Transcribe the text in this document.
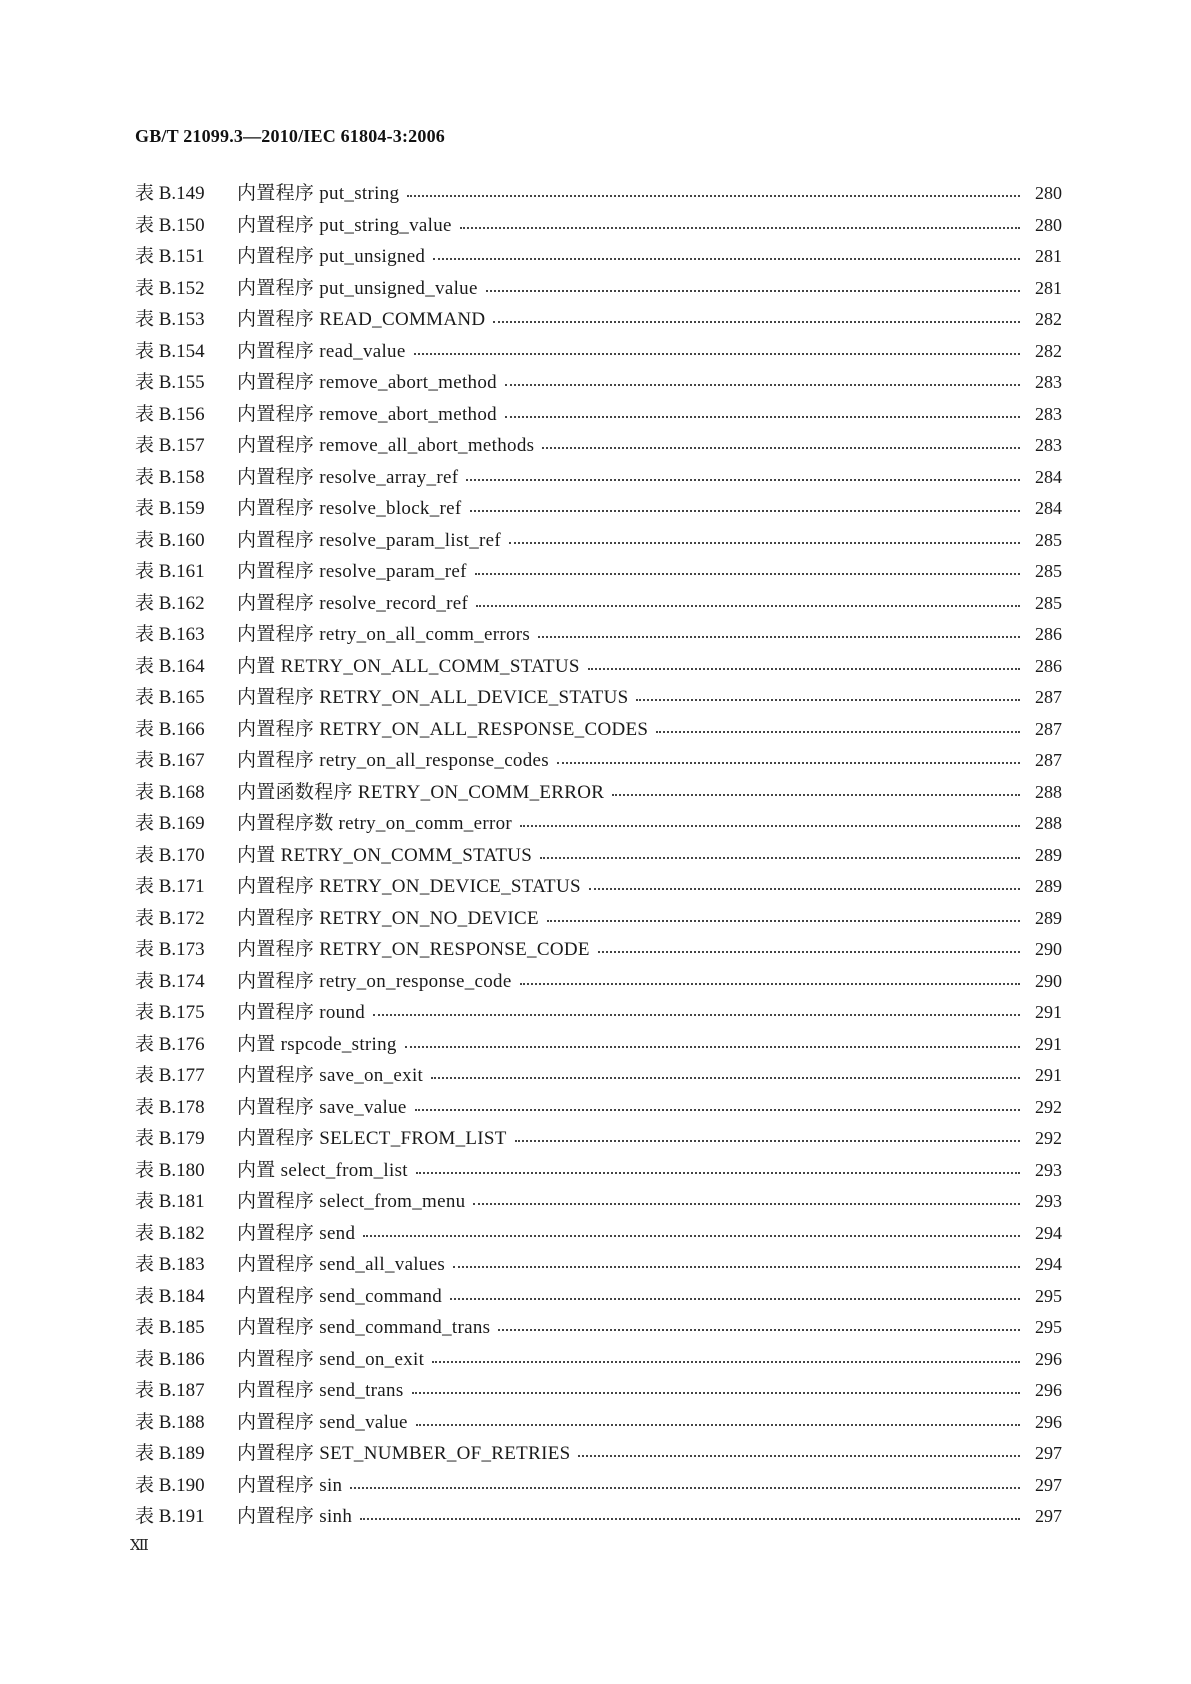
GB/T 21099.3—2010/IEC 61804-3:2006
表 B.149	内置程序 put_string	280
表 B.150	内置程序 put_string_value	280
表 B.151	内置程序 put_unsigned	281
表 B.152	内置程序 put_unsigned_value	281
表 B.153	内置程序 READ_COMMAND	282
表 B.154	内置程序 read_value	282
表 B.155	内置程序 remove_abort_method	283
表 B.156	内置程序 remove_abort_method	283
表 B.157	内置程序 remove_all_abort_methods	283
表 B.158	内置程序 resolve_array_ref	284
表 B.159	内置程序 resolve_block_ref	284
表 B.160	内置程序 resolve_param_list_ref	285
表 B.161	内置程序 resolve_param_ref	285
表 B.162	内置程序 resolve_record_ref	285
表 B.163	内置程序 retry_on_all_comm_errors	286
表 B.164	内置 RETRY_ON_ALL_COMM_STATUS	286
表 B.165	内置程序 RETRY_ON_ALL_DEVICE_STATUS	287
表 B.166	内置程序 RETRY_ON_ALL_RESPONSE_CODES	287
表 B.167	内置程序 retry_on_all_response_codes	287
表 B.168	内置函数程序 RETRY_ON_COMM_ERROR	288
表 B.169	内置程序数 retry_on_comm_error	288
表 B.170	内置 RETRY_ON_COMM_STATUS	289
表 B.171	内置程序 RETRY_ON_DEVICE_STATUS	289
表 B.172	内置程序 RETRY_ON_NO_DEVICE	289
表 B.173	内置程序 RETRY_ON_RESPONSE_CODE	290
表 B.174	内置程序 retry_on_response_code	290
表 B.175	内置程序 round	291
表 B.176	内置 rspcode_string	291
表 B.177	内置程序 save_on_exit	291
表 B.178	内置程序 save_value	292
表 B.179	内置程序 SELECT_FROM_LIST	292
表 B.180	内置 select_from_list	293
表 B.181	内置程序 select_from_menu	293
表 B.182	内置程序 send	294
表 B.183	内置程序 send_all_values	294
表 B.184	内置程序 send_command	295
表 B.185	内置程序 send_command_trans	295
表 B.186	内置程序 send_on_exit	296
表 B.187	内置程序 send_trans	296
表 B.188	内置程序 send_value	296
表 B.189	内置程序 SET_NUMBER_OF_RETRIES	297
表 B.190	内置程序 sin	297
表 B.191	内置程序 sinh	297
Ⅻ
